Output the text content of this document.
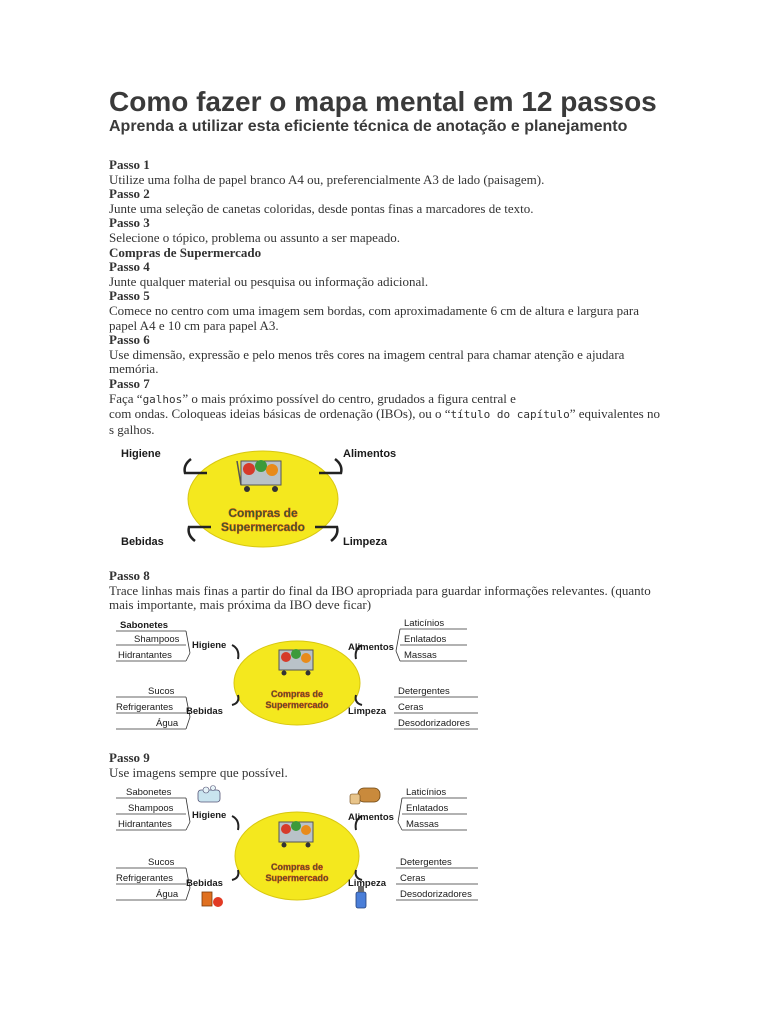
Como fazer o mapa mental em 12 passos
Aprenda a utilizar esta eficiente técnica de anotação e planejamento

Passo 1

Utilize uma folha de papel branco A4 ou, preferencialmente A3 de lado (paisagem).

Passo 2

Junte uma seleção de canetas coloridas, desde pontas finas a marcadores de texto.

Passo 3

Selecione o tópico, problema ou assunto a ser mapeado.

Compras de Supermercado

Passo 4

Junte qualquer material ou pesquisa ou informação adicional.

Passo 5

Comece no centro com uma imagem sem bordas, com aproximadamente 6 cm de altura e largura para papel A4 e 10 cm para papel A3.

Passo 6

Use dimensão, expressão e pelo menos três cores na imagem central para chamar atenção e ajudara memória.

Passo 7

Faça “galhos” o mais próximo possível do centro, grudados a figura central e
com ondas. Coloqueas ideias básicas de ordenação (IBOs), ou o “título do capítulo” equivalentes no s galhos.

Higiene	Alimentos
Bebidas	Limpeza
Compras de
Supermercado

Passo 8

Trace linhas mais finas a partir do final da IBO apropriada para guardar informações relevantes. (quanto mais importante, mais próxima da IBO deve ficar)

Sabonetes
Shampoos
Hidrantantes
Higiene	Alimentos
Laticínios
Enlatados
Massas
Sucos
Refrigerantes
Água
Bebidas	Limpeza
Detergentes
Ceras
Desodorizadores
Compras de
Supermercado

Passo 9

Use imagens sempre que possível.

Sabonetes
Shampoos
Hidrantantes
Higiene	Alimentos
Laticínios
Enlatados
Massas
Sucos
Refrigerantes
Água
Bebidas	Limpeza
Detergentes
Ceras
Desodorizadores
Compras de
Supermercado
